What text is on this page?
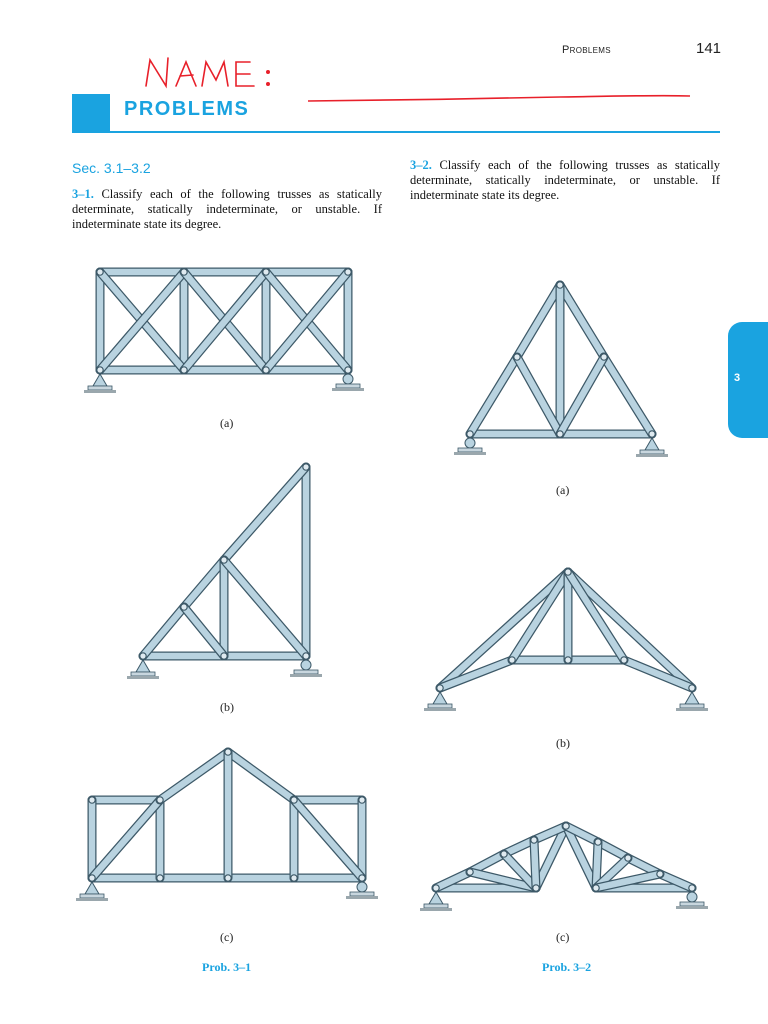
Problems	141
PROBLEMS
Sec. 3.1–3.2
3–1. Classify each of the following trusses as statically determinate, statically indeterminate, or unstable. If indeterminate state its degree.
3–2. Classify each of the following trusses as statically determinate, statically indeterminate, or unstable. If indeterminate state its degree.
3
(a)
(b)
(c)
(a)
(b)
(c)
Prob. 3–1	Prob. 3–2
